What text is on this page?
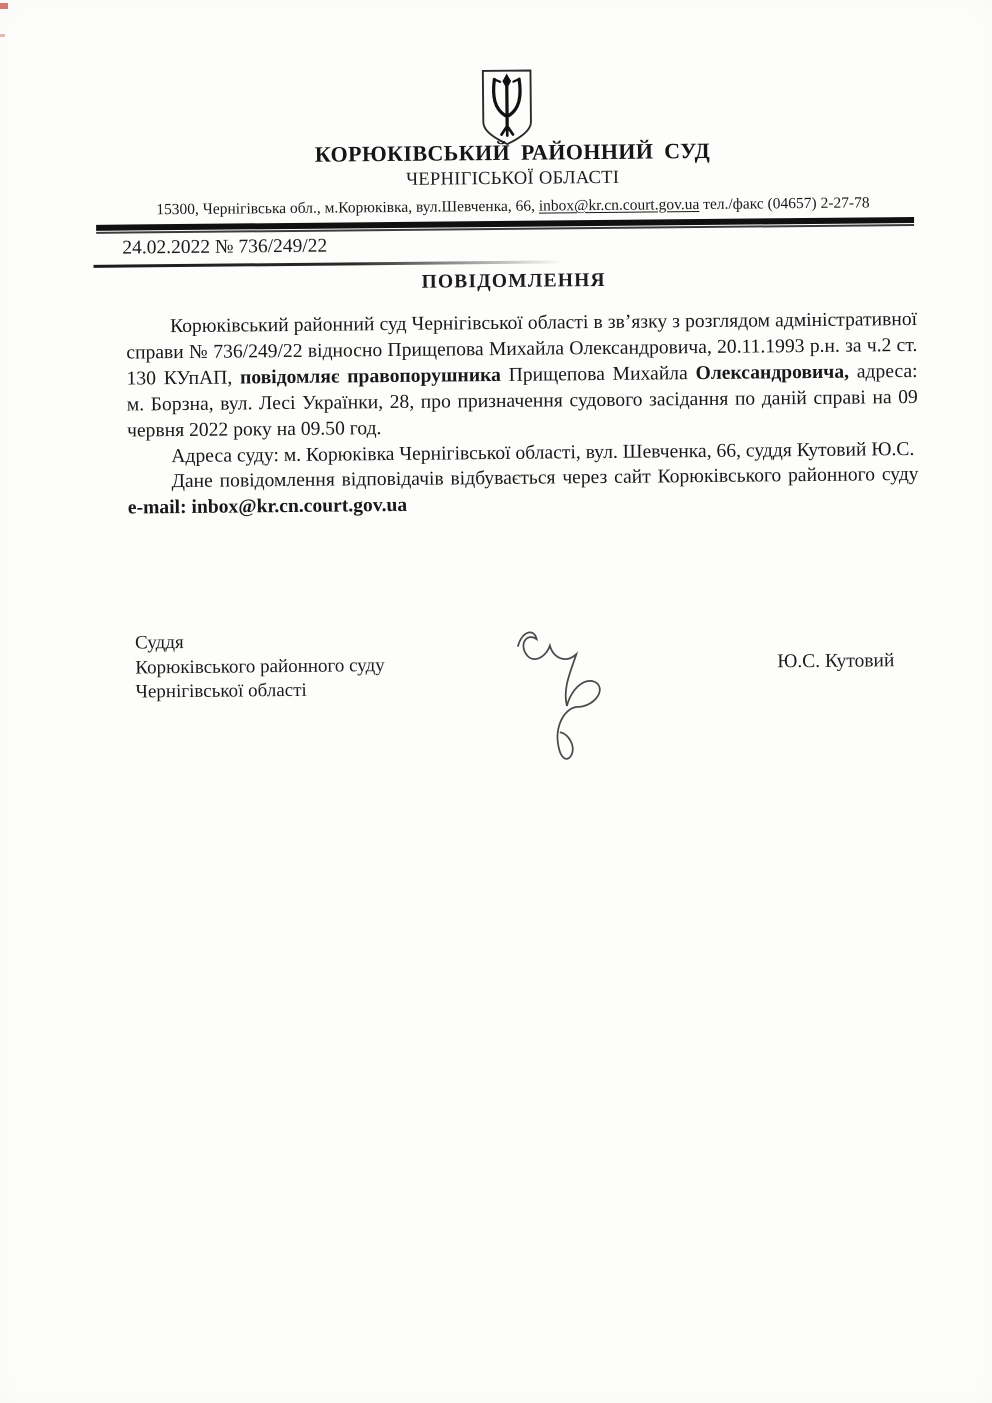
КОРЮКІВСЬКИЙ РАЙОННИЙ СУД
ЧЕРНІГІСЬКОЇ ОБЛАСТІ
15300, Чернігівська обл., м.Корюківка, вул.Шевченка, 66, inbox@kr.cn.court.gov.ua тел./факс (04657) 2-27-78
24.02.2022 № 736/249/22
ПОВІДОМЛЕННЯ

Корюківський районний суд Чернігівської області в зв’язку з розглядом адміністративної справи № 736/249/22 відносно Прищепова Михайла Олександровича, 20.11.1993 р.н. за ч.2 ст. 130 КУпАП, повідомляє правопорушника Прищепова Михайла Олександровича, адреса: м. Борзна, вул. Лесі Українки, 28, про призначення судового засідання по даній справі на 09 червня 2022 року на 09.50 год.

Адреса суду: м. Корюківка Чернігівської області, вул. Шевченка, 66, суддя Кутовий Ю.С.

Дане повідомлення відповідачів відбувається через сайт Корюківського районного суду e-mail: inbox@kr.cn.court.gov.ua

Суддя
Корюківського районного суду
Чернігівської області
Ю.С. Кутовий
